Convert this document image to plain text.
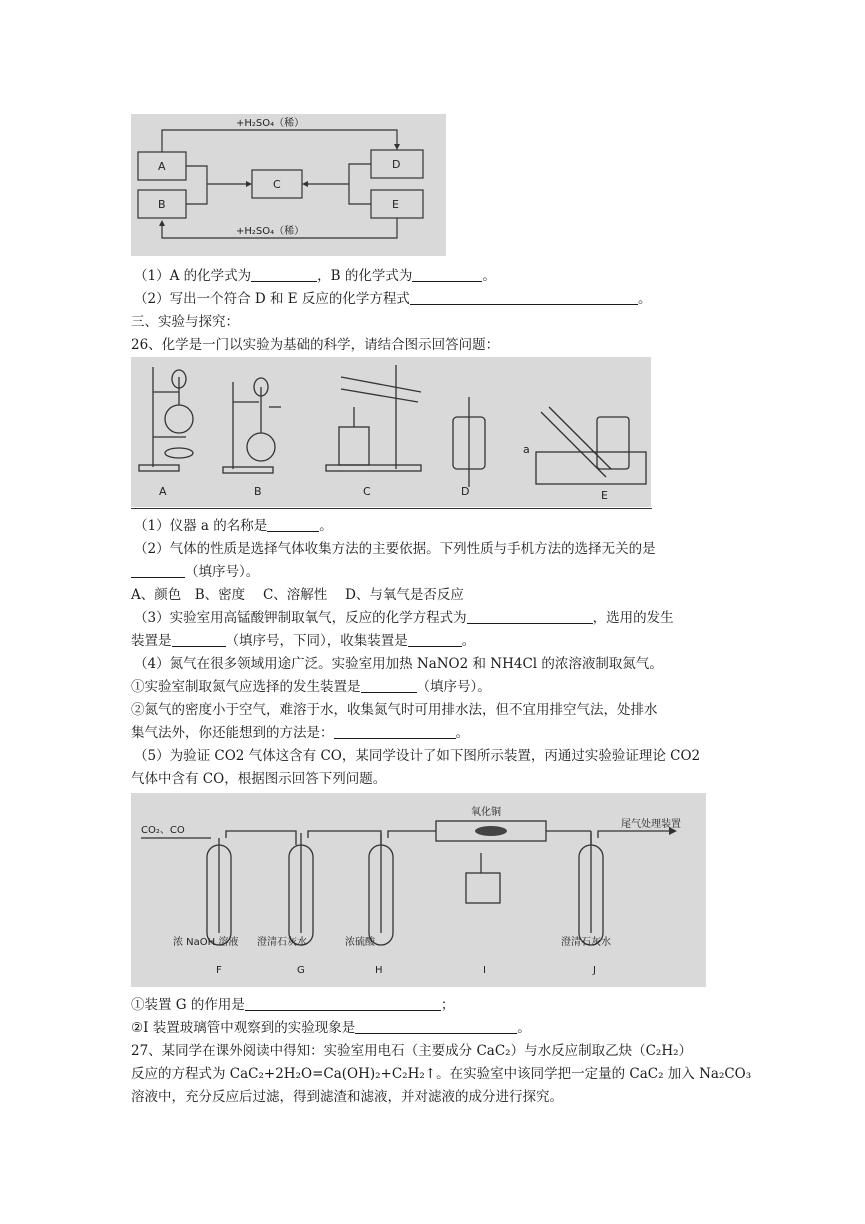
A
B
C
D
E
+H₂SO₄（稀）
+H₂SO₄（稀）
（1）A 的化学式为	，B 的化学式为	。
（2）写出一个符合 D 和 E 反应的化学方程式	。
三、实验与探究：
26、化学是一门以实验为基础的科学，请结合图示回答问题：
A	B	C	D	E
a
（1）仪器 a 的名称是	。
（2）气体的性质是选择气体收集方法的主要依据。下列性质与手机方法的选择无关的是
（填序号）。
A、颜色　B、密度　 C、溶解性　 D、与氧气是否反应
（3）实验室用高锰酸钾制取氧气，反应的化学方程式为	，选用的发生
装置是	（填序号，下同），收集装置是	。
（4）氮气在很多领域用途广泛。实验室用加热 NaNO2 和 NH4Cl 的浓溶液制取氮气。
①实验室制取氮气应选择的发生装置是	（填序号）。
②氮气的密度小于空气，难溶于水，收集氮气时可用排水法，但不宜用排空气法，处排水
集气法外，你还能想到的方法是：	。
（5）为验证 CO2 气体这含有 CO，某同学设计了如下图所示装置，丙通过实验验证理论 CO2
气体中含有 CO，根据图示回答下列问题。
CO₂、CO
氧化铜
尾气处理装置
浓 NaOH 溶液 澄清石灰水	浓硫酸	澄清石灰水
F	G	H	I	J
①装置 G 的作用是	；
②I 装置玻璃管中观察到的实验现象是	。
27、某同学在课外阅读中得知：实验室用电石（主要成分 CaC₂）与水反应制取乙炔（C₂H₂）
反应的方程式为 CaC₂+2H₂O=Ca(OH)₂+C₂H₂↑。在实验室中该同学把一定量的 CaC₂ 加入 Na₂CO₃
溶液中，充分反应后过滤，得到滤渣和滤液，并对滤液的成分进行探究。
